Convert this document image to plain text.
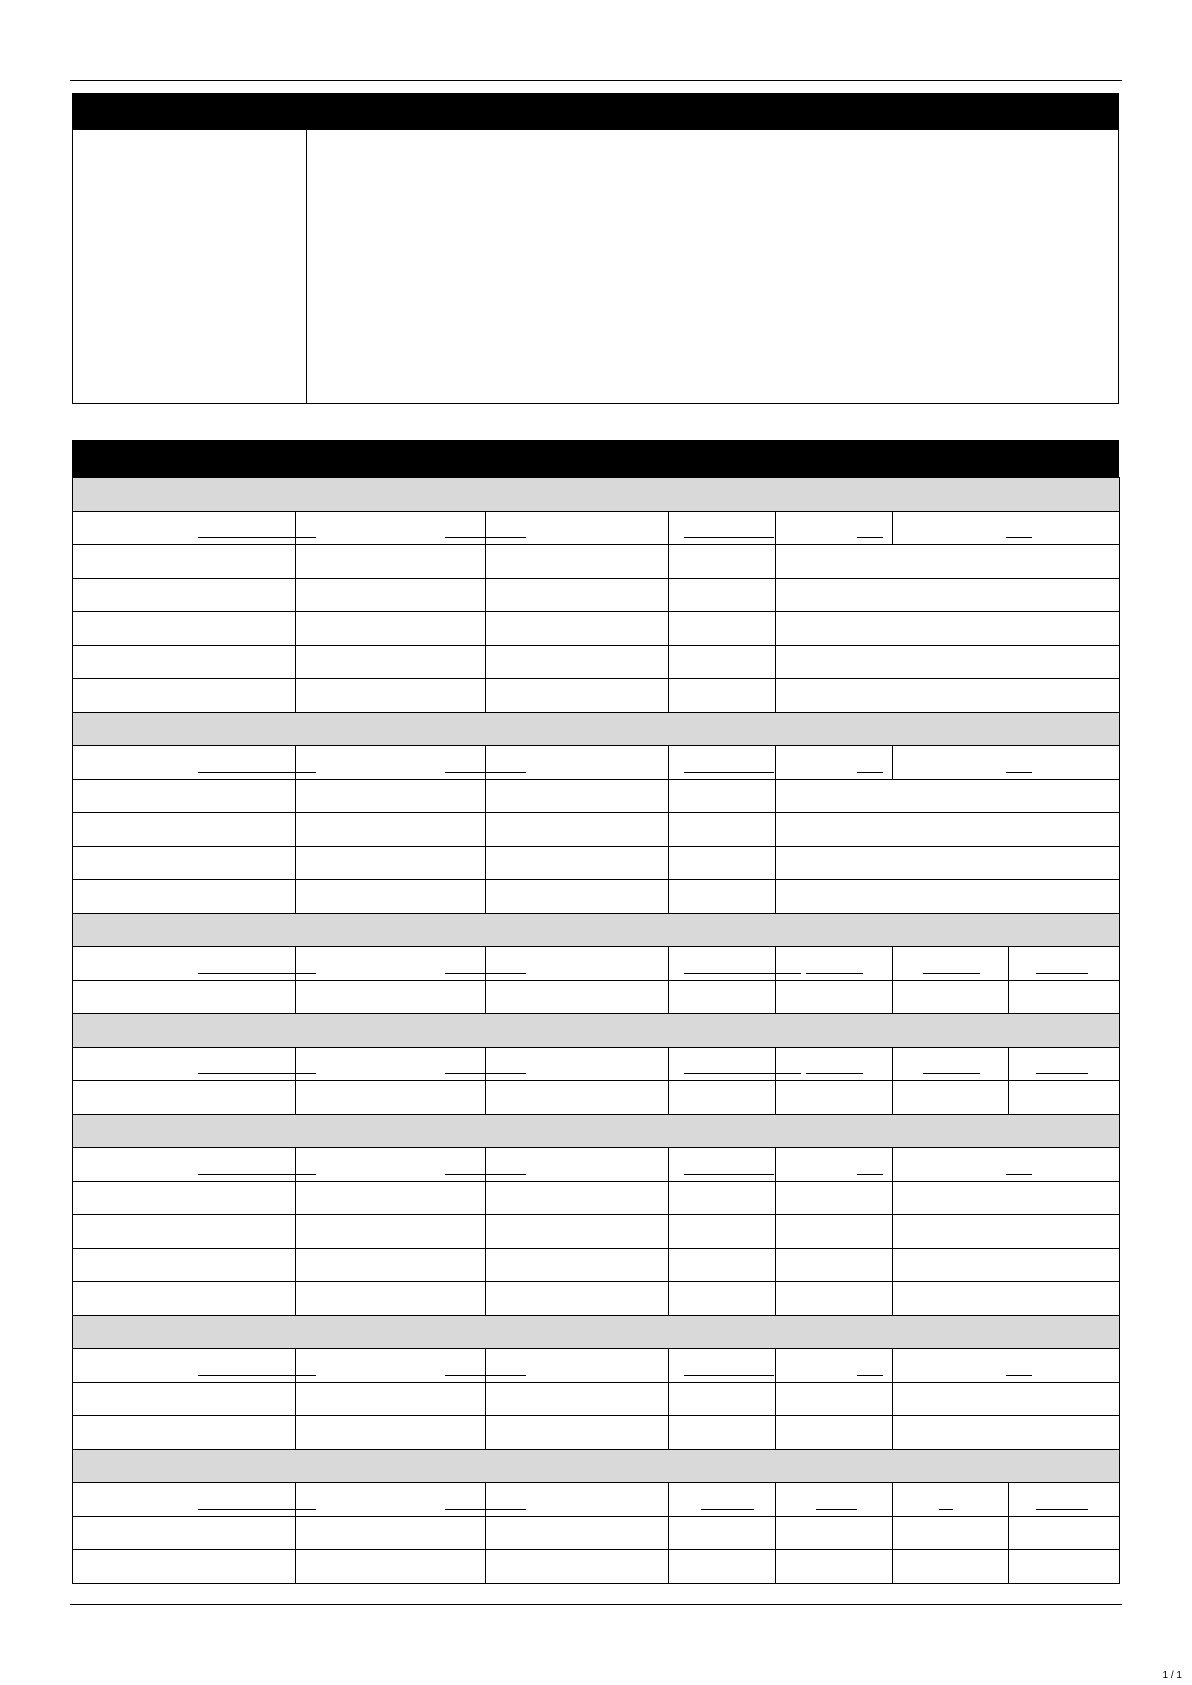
1 / 1
